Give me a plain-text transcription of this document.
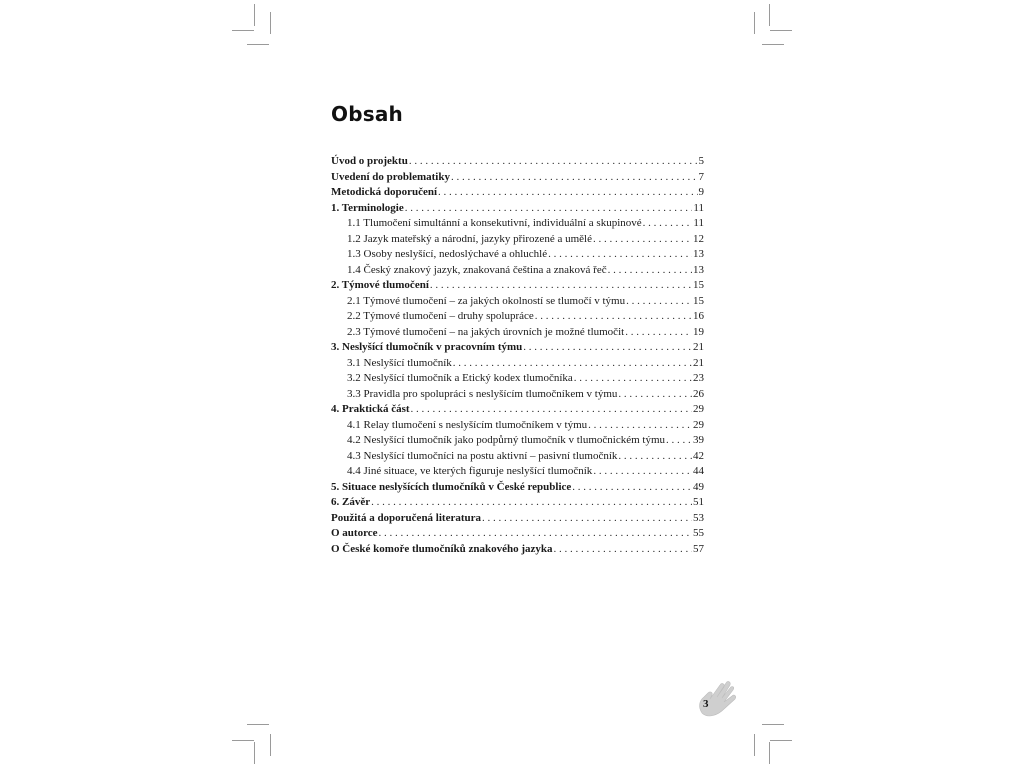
Obsah
Úvod o projektu . . .	5
Uvedení do problematiky . . .	7
Metodická doporučení . . .	9
1. Terminologie . . .	11
1.1 Tlumočení simultánní a konsekutivní, individuální a skupinové . . .	11
1.2 Jazyk mateřský a národní, jazyky přirozené a umělé . . .	12
1.3 Osoby neslyšící, nedoslýchavé a ohluchlé . . .	13
1.4 Český znakový jazyk, znakovaná čeština a znaková řeč . . .	13
2. Týmové tlumočení . . .	15
2.1 Týmové tlumočení – za jakých okolností se tlumočí v týmu . . .	15
2.2 Týmové tlumočení – druhy spolupráce . . .	16
2.3 Týmové tlumočení – na jakých úrovních je možné tlumočit . . .	19
3. Neslyšící tlumočník v pracovním týmu . . .	21
3.1 Neslyšící tlumočník . . .	21
3.2 Neslyšící tlumočník a Etický kodex tlumočníka . . .	23
3.3 Pravidla pro spolupráci s neslyšícím tlumočníkem v týmu . . .	26
4. Praktická část . . .	29
4.1 Relay tlumočení s neslyšícím tlumočníkem v týmu . . .	29
4.2 Neslyšící tlumočník jako podpůrný tlumočník v tlumočnickém týmu . . .	39
4.3 Neslyšící tlumočníci na postu aktivní – pasivní tlumočník . . .	42
4.4 Jiné situace, ve kterých figuruje neslyšící tlumočník . . .	44
5. Situace neslyšících tlumočníků v České republice . . .	49
6. Závěr . . .	51
Použitá a doporučená literatura . . .	53
O autorce . . .	55
O České komoře tlumočníků znakového jazyka . . .	57
3
